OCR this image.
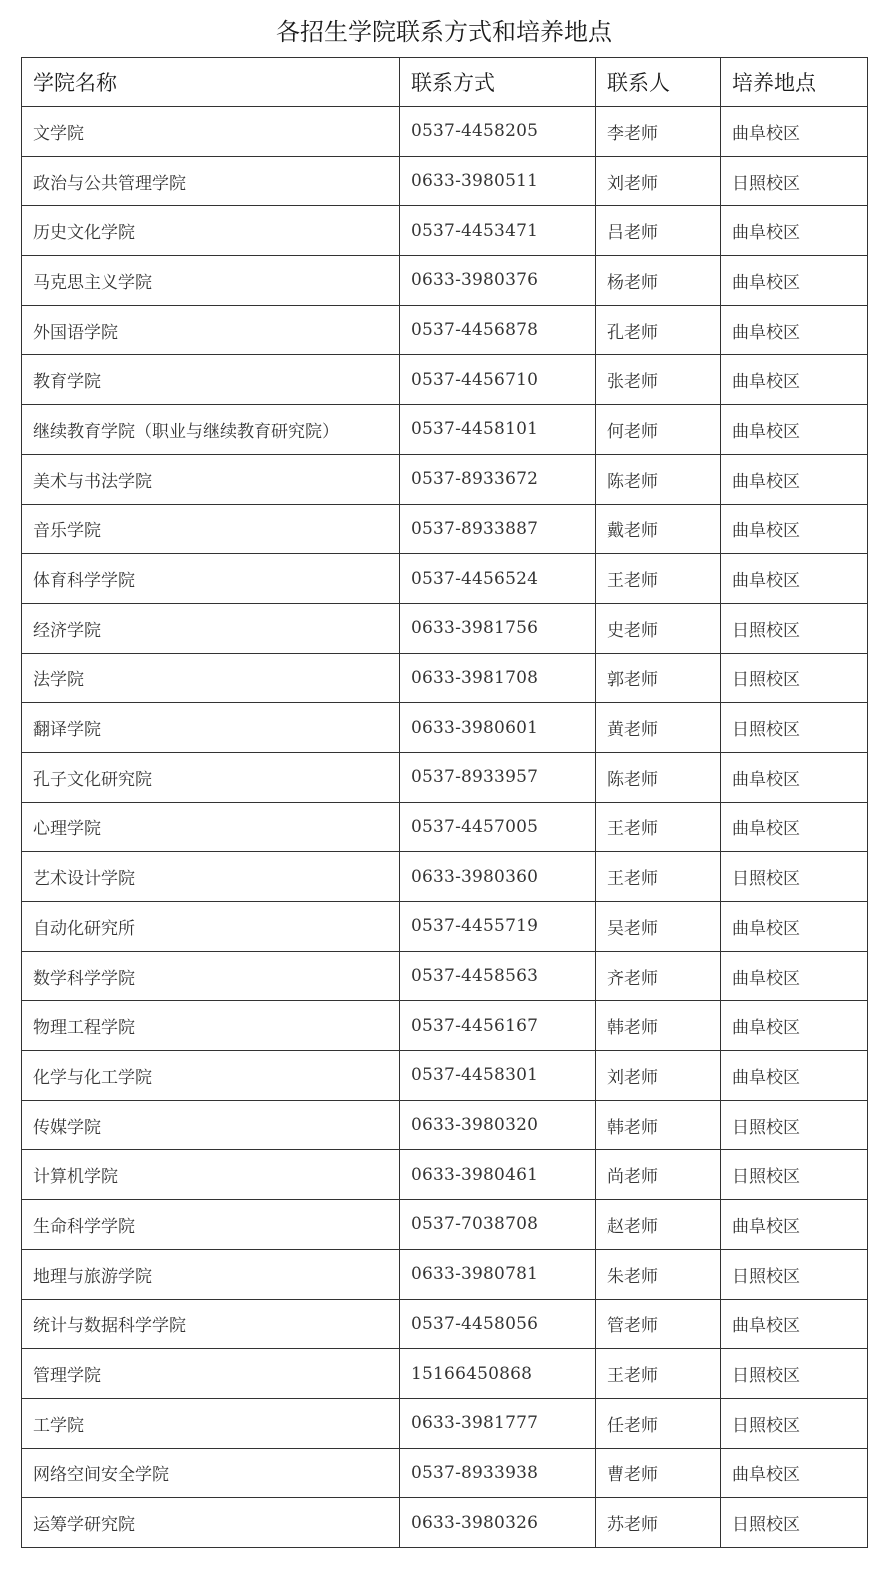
各招生学院联系方式和培养地点
学院名称	联系方式	联系人	培养地点
文学院	0537-4458205	李老师	曲阜校区
政治与公共管理学院	0633-3980511	刘老师	日照校区
历史文化学院	0537-4453471	吕老师	曲阜校区
马克思主义学院	0633-3980376	杨老师	曲阜校区
外国语学院	0537-4456878	孔老师	曲阜校区
教育学院	0537-4456710	张老师	曲阜校区
继续教育学院（职业与继续教育研究院）	0537-4458101	何老师	曲阜校区
美术与书法学院	0537-8933672	陈老师	曲阜校区
音乐学院	0537-8933887	戴老师	曲阜校区
体育科学学院	0537-4456524	王老师	曲阜校区
经济学院	0633-3981756	史老师	日照校区
法学院	0633-3981708	郭老师	日照校区
翻译学院	0633-3980601	黄老师	日照校区
孔子文化研究院	0537-8933957	陈老师	曲阜校区
心理学院	0537-4457005	王老师	曲阜校区
艺术设计学院	0633-3980360	王老师	日照校区
自动化研究所	0537-4455719	吴老师	曲阜校区
数学科学学院	0537-4458563	齐老师	曲阜校区
物理工程学院	0537-4456167	韩老师	曲阜校区
化学与化工学院	0537-4458301	刘老师	曲阜校区
传媒学院	0633-3980320	韩老师	日照校区
计算机学院	0633-3980461	尚老师	日照校区
生命科学学院	0537-7038708	赵老师	曲阜校区
地理与旅游学院	0633-3980781	朱老师	日照校区
统计与数据科学学院	0537-4458056	管老师	曲阜校区
管理学院	15166450868	王老师	日照校区
工学院	0633-3981777	任老师	日照校区
网络空间安全学院	0537-8933938	曹老师	曲阜校区
运筹学研究院	0633-3980326	苏老师	日照校区
